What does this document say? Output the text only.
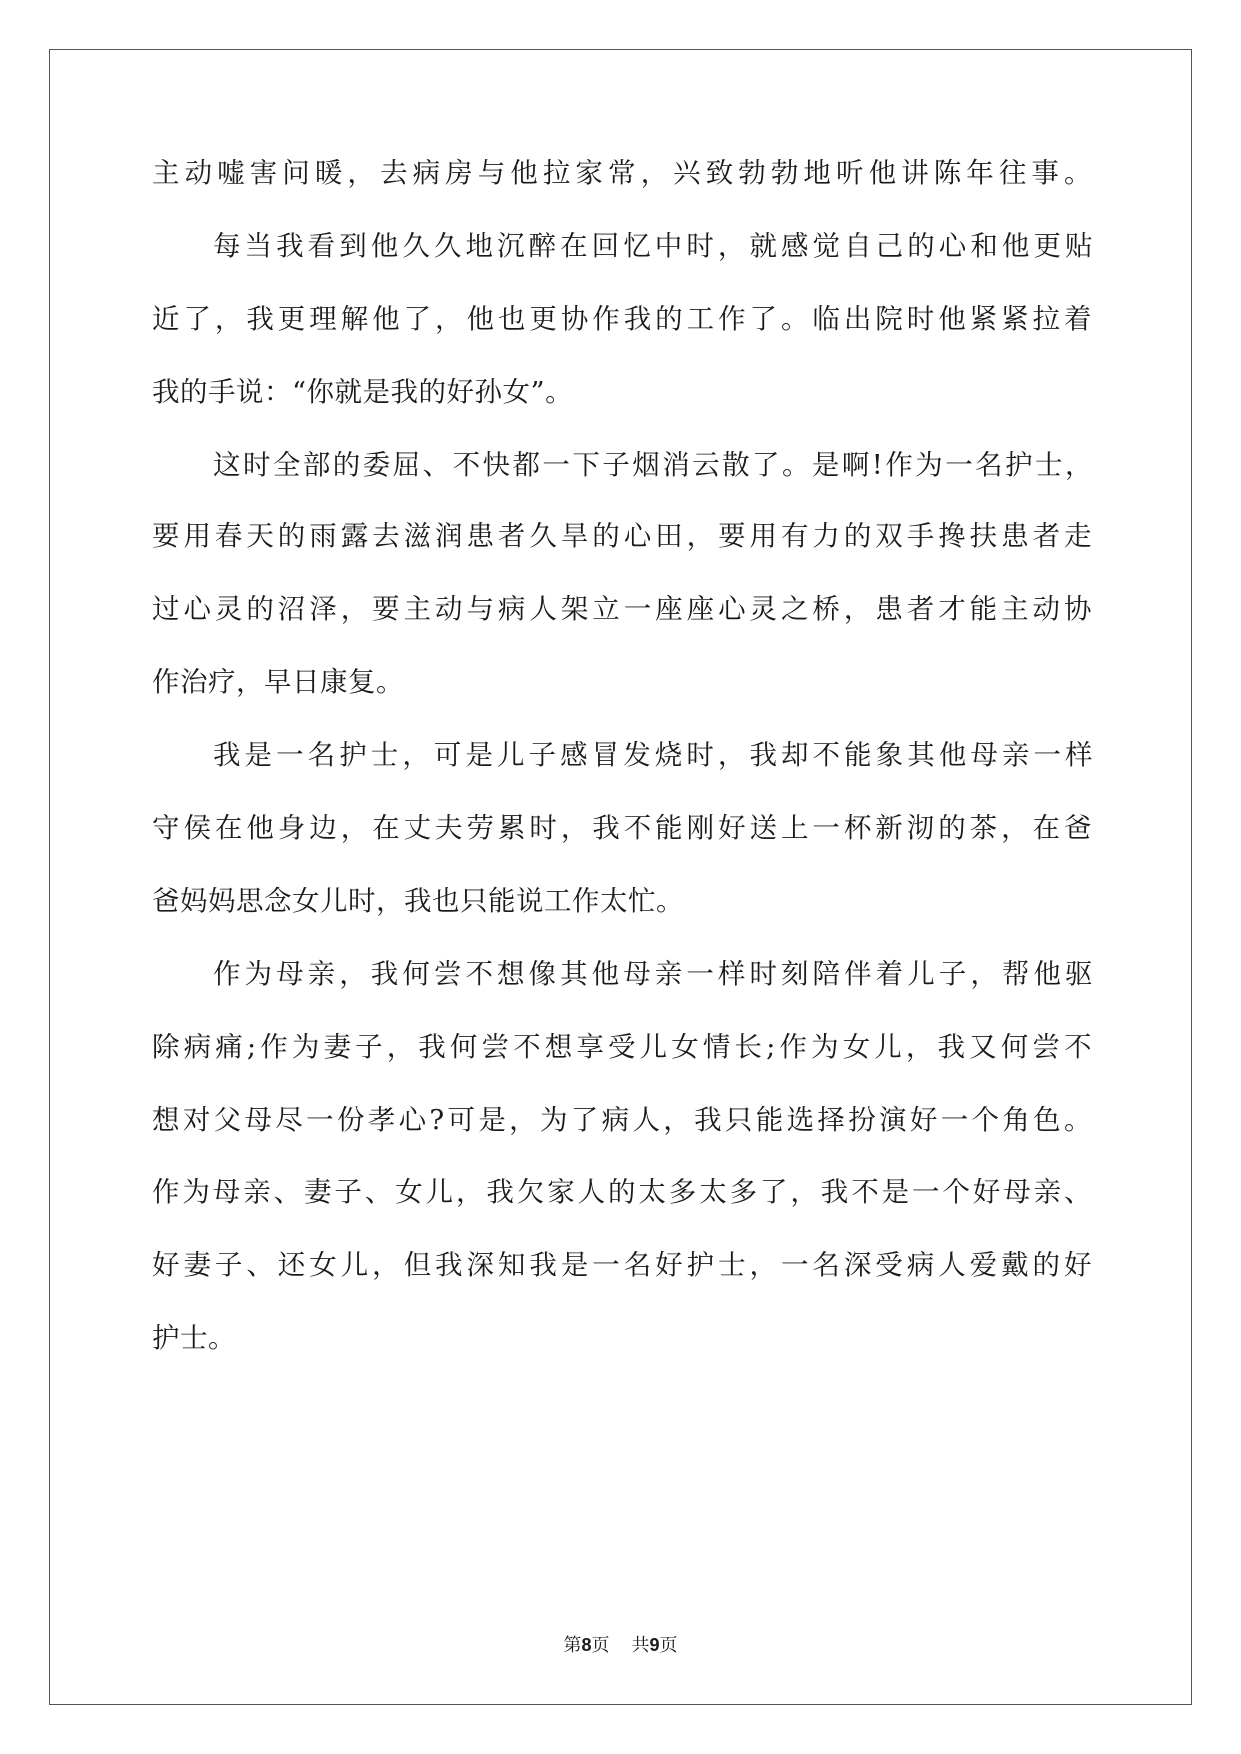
主动嘘害问暖，去病房与他拉家常，兴致勃勃地听他讲陈年往事。
每当我看到他久久地沉醉在回忆中时，就感觉自己的心和他更贴
近了，我更理解他了，他也更协作我的工作了。临出院时他紧紧拉着
我的手说：“你就是我的好孙女”。
这时全部的委屈、不快都一下子烟消云散了。是啊!作为一名护士，
要用春天的雨露去滋润患者久旱的心田，要用有力的双手搀扶患者走
过心灵的沼泽，要主动与病人架立一座座心灵之桥，患者才能主动协
作治疗，早日康复。
我是一名护士，可是儿子感冒发烧时，我却不能象其他母亲一样
守侯在他身边，在丈夫劳累时，我不能刚好送上一杯新沏的茶，在爸
爸妈妈思念女儿时，我也只能说工作太忙。
作为母亲，我何尝不想像其他母亲一样时刻陪伴着儿子，帮他驱
除病痛;作为妻子，我何尝不想享受儿女情长;作为女儿，我又何尝不
想对父母尽一份孝心?可是，为了病人，我只能选择扮演好一个角色。
作为母亲、妻子、女儿，我欠家人的太多太多了，我不是一个好母亲、
好妻子、还女儿，但我深知我是一名好护士，一名深受病人爱戴的好
护士。
第8页 共9页
